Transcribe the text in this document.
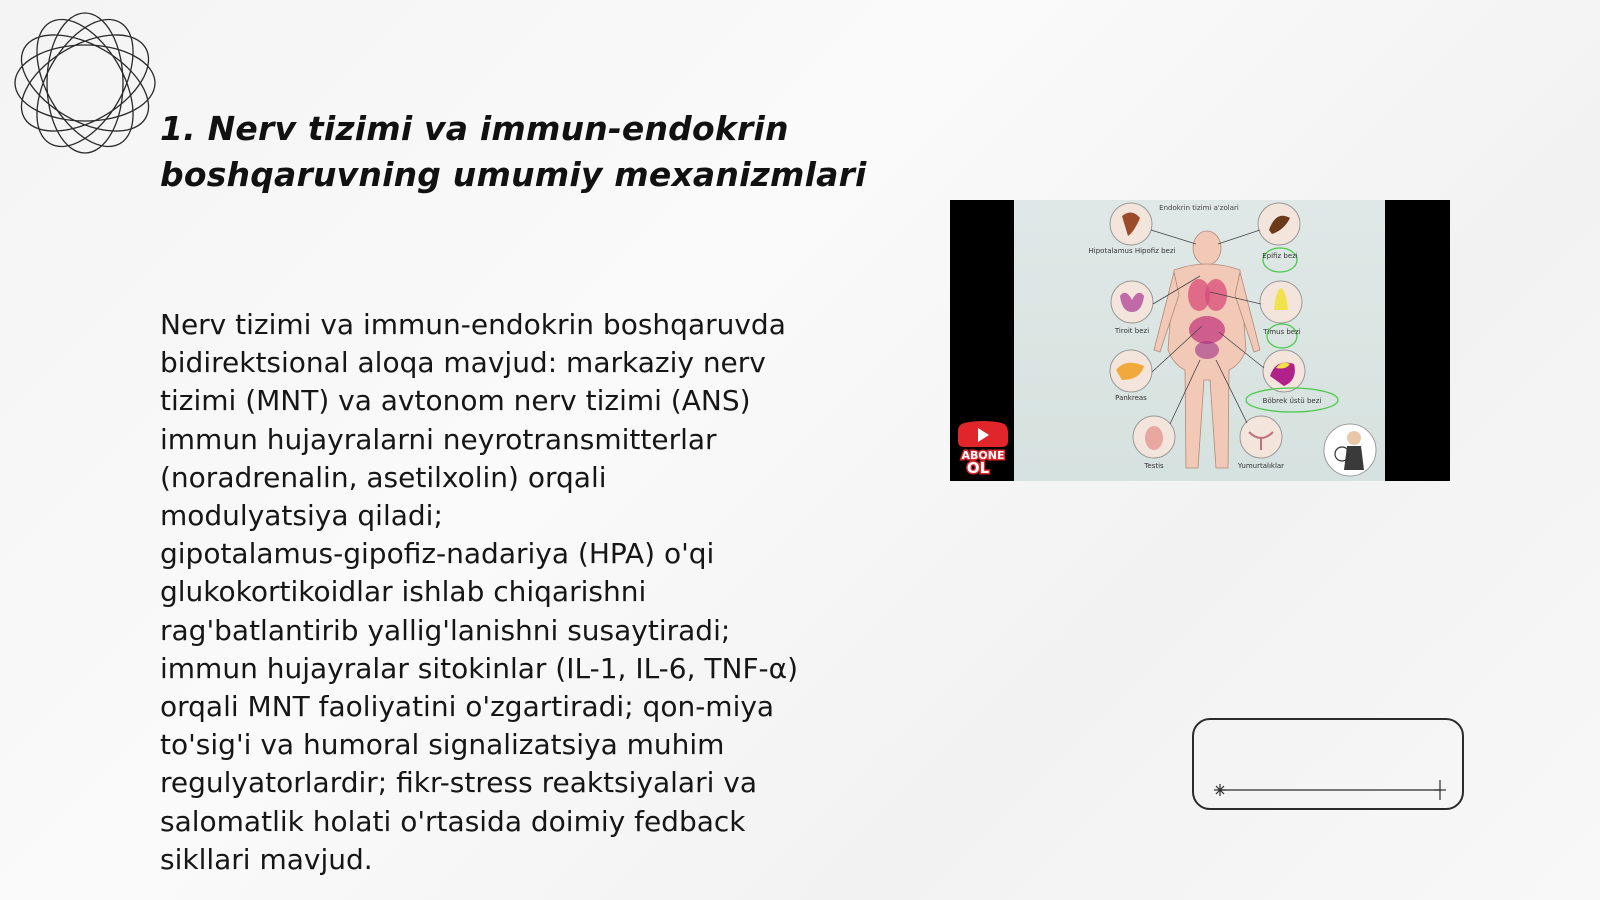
1. Nerv tizimi va immun-endokrin
boshqaruvning umumiy mexanizmlari
Nerv tizimi va immun-endokrin boshqaruvda
bidirektsional aloqa mavjud: markaziy nerv
tizimi (MNT) va avtonom nerv tizimi (ANS)
immun hujayralarni neyrotransmitterlar
(noradrenalin, asetilxolin) orqali
modulyatsiya qiladi;
gipotalamus-gipofiz-nadariya (HPA) o'qi
glukokortikoidlar ishlab chiqarishni
rag'batlantirib yallig'lanishni susaytiradi;
immun hujayralar sitokinlar (IL-1, IL-6, TNF-α)
orqali MNT faoliyatini o'zgartiradi; qon-miya
to'sig'i va humoral signalizatsiya muhim
regulyatorlardir; fikr-stress reaktsiyalari va
salomatlik holati o'rtasida doimiy fedback
sikllari mavjud.
Endokrin tizimi a'zolari
Hipotalamus Hipofiz bezi
Epifiz bezi
Tiroit bezi	Timus bezi
Pankreas	Böbrek üstü bezi
Testis	Yumurtalıklar
ABONE
OL
